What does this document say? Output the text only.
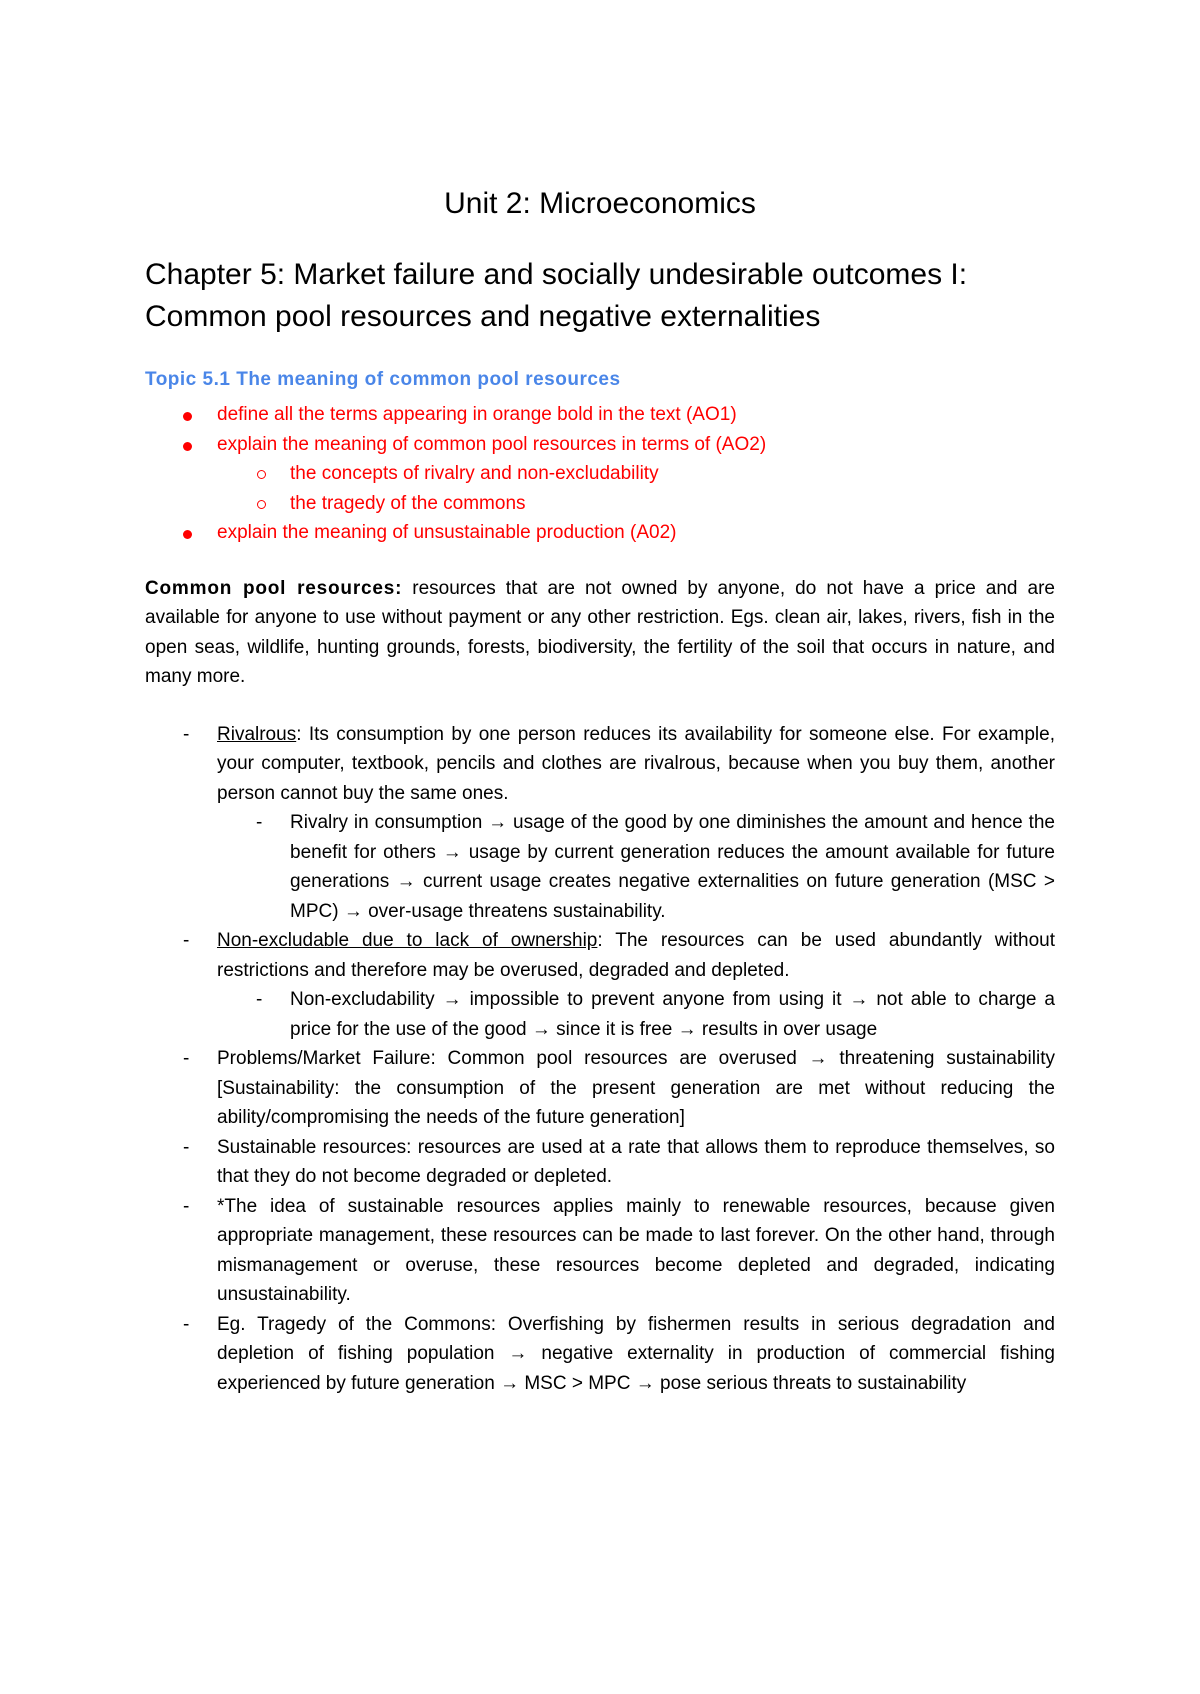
Unit 2: Microeconomics
Chapter 5: Market failure and socially undesirable outcomes I: Common pool resources and negative externalities
Topic 5.1 The meaning of common pool resources
define all the terms appearing in orange bold in the text (AO1)
explain the meaning of common pool resources in terms of (AO2)
the concepts of rivalry and non-excludability
the tragedy of the commons
explain the meaning of unsustainable production (A02)

Common pool resources: resources that are not owned by anyone, do not have a price and are available for anyone to use without payment or any other restriction. Egs. clean air, lakes, rivers, fish in the open seas, wildlife, hunting grounds, forests, biodiversity, the fertility of the soil that occurs in nature, and many more.

- Rivalrous: Its consumption by one person reduces its availability for someone else. For example, your computer, textbook, pencils and clothes are rivalrous, because when you buy them, another person cannot buy the same ones.
- Rivalry in consumption → usage of the good by one diminishes the amount and hence the benefit for others → usage by current generation reduces the amount available for future generations → current usage creates negative externalities on future generation (MSC > MPC) → over-usage threatens sustainability.
- Non-excludable due to lack of ownership: The resources can be used abundantly without restrictions and therefore may be overused, degraded and depleted.
- Non-excludability → impossible to prevent anyone from using it → not able to charge a price for the use of the good → since it is free → results in over usage
- Problems/Market Failure: Common pool resources are overused → threatening sustainability [Sustainability: the consumption of the present generation are met without reducing the ability/compromising the needs of the future generation]
- Sustainable resources: resources are used at a rate that allows them to reproduce themselves, so that they do not become degraded or depleted.
- *The idea of sustainable resources applies mainly to renewable resources, because given appropriate management, these resources can be made to last forever. On the other hand, through mismanagement or overuse, these resources become depleted and degraded, indicating unsustainability.
- Eg. Tragedy of the Commons: Overfishing by fishermen results in serious degradation and depletion of fishing population → negative externality in production of commercial fishing experienced by future generation → MSC > MPC → pose serious threats to sustainability
